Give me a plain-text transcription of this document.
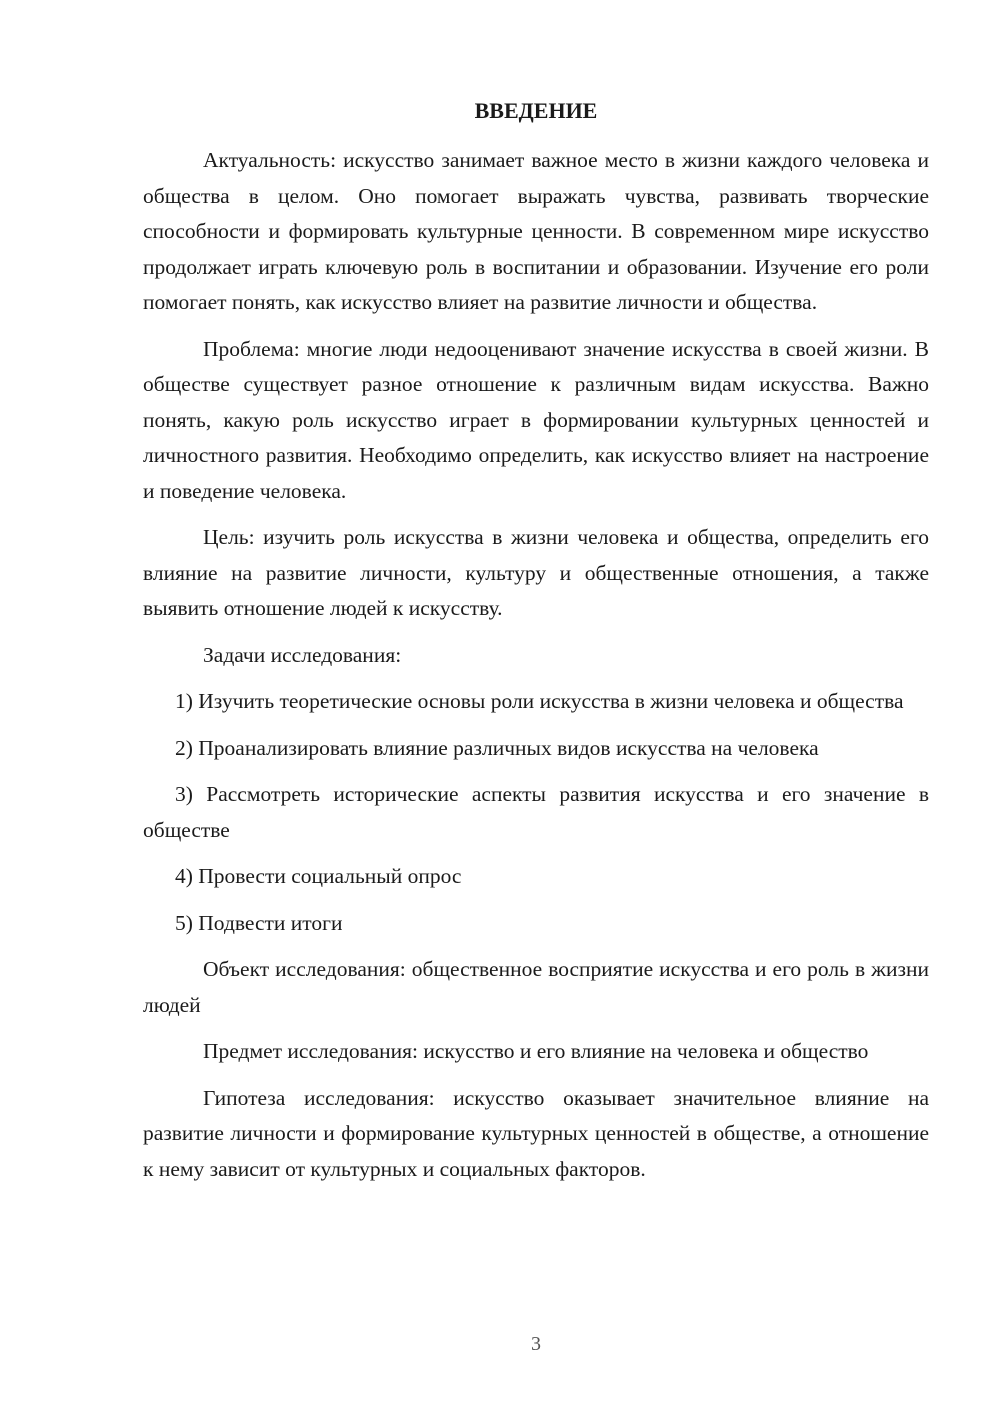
ВВЕДЕНИЕ

Актуальность: искусство занимает важное место в жизни каждого человека и общества в целом. Оно помогает выражать чувства, развивать творческие способности и формировать культурные ценности. В современном мире искусство продолжает играть ключевую роль в воспитании и образовании. Изучение его роли помогает понять, как искусство влияет на развитие личности и общества.

Проблема: многие люди недооценивают значение искусства в своей жизни. В обществе существует разное отношение к различным видам искусства. Важно понять, какую роль искусство играет в формировании культурных ценностей и личностного развития. Необходимо определить, как искусство влияет на настроение и поведение человека.

Цель: изучить роль искусства в жизни человека и общества, определить его влияние на развитие личности, культуру и общественные отношения, а также выявить отношение людей к искусству.

Задачи исследования:

1) Изучить теоретические основы роли искусства в жизни человека и общества

2) Проанализировать влияние различных видов искусства на человека

3) Рассмотреть исторические аспекты развития искусства и его значение в обществе

4) Провести социальный опрос

5) Подвести итоги

Объект исследования: общественное восприятие искусства и его роль в жизни людей

Предмет исследования: искусство и его влияние на человека и общество

Гипотеза исследования: искусство оказывает значительное влияние на развитие личности и формирование культурных ценностей в обществе, а отношение к нему зависит от культурных и социальных факторов.

3
